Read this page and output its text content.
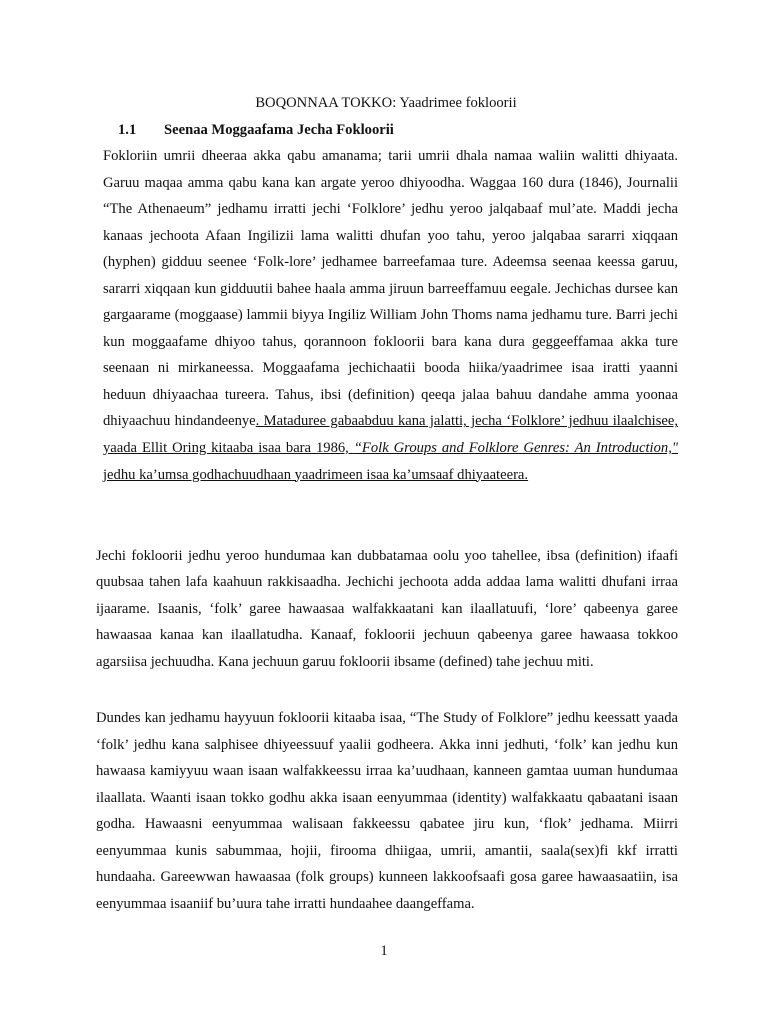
BOQONNAA TOKKO: Yaadrimee fokloorii
1.1 Seenaa Moggaafama Jecha Fokloorii

Fokloriin umrii dheeraa akka qabu amanama; tarii umrii dhala namaa waliin walitti dhiyaata. Garuu maqaa amma qabu kana kan argate yeroo dhiyoodha. Waggaa 160 dura (1846), Journalii “The Athenaeum” jedhamu irratti jechi ‘Folklore’ jedhu yeroo jalqabaaf mul’ate. Maddi jecha kanaas jechoota Afaan Ingilizii lama walitti dhufan yoo tahu, yeroo jalqabaa sararri xiqqaan (hyphen) gidduu seenee ‘Folk-lore’ jedhamee barreefamaa ture. Adeemsa seenaa keessa garuu, sararri xiqqaan kun gidduutii bahee haala amma jiruun barreeffamuu eegale. Jechichas dursee kan gargaarame (moggaase) lammii biyya Ingiliz William John Thoms nama jedhamu ture. Barri jechi kun moggaafame dhiyoo tahus, qorannoon fokloorii bara kana dura geggeeffamaa akka ture seenaan ni mirkaneessa. Moggaafama jechichaatii booda hiika/yaadrimee isaa iratti yaanni heduun dhiyaachaa tureera. Tahus, ibsi (definition) qeeqa jalaa bahuu dandahe amma yoonaa dhiyaachuu hindandeenye. Mataduree gabaabduu kana jalatti, jecha ‘Folklore’ jedhuu ilaalchisee, yaada Ellit Oring kitaaba isaa bara 1986, “Folk Groups and Folklore Genres: An Introduction," jedhu ka’umsa godhachuudhaan yaadrimeen isaa ka’umsaaf dhiyaateera.

Jechi fokloorii jedhu yeroo hundumaa kan dubbatamaa oolu yoo tahellee, ibsa (definition) ifaafi quubsaa tahen lafa kaahuun rakkisaadha. Jechichi jechoota adda addaa lama walitti dhufani irraa ijaarame. Isaanis, ‘folk’ garee hawaasaa walfakkaatani kan ilaallatuufi, ‘lore’ qabeenya garee hawaasaa kanaa kan ilaallatudha. Kanaaf, fokloorii jechuun qabeenya garee hawaasa tokkoo agarsiisa jechuudha. Kana jechuun garuu fokloorii ibsame (defined) tahe jechuu miti.

Dundes kan jedhamu hayyuun fokloorii kitaaba isaa, “The Study of Folklore” jedhu keessatt yaada ‘folk’ jedhu kana salphisee dhiyeessuuf yaalii godheera. Akka inni jedhuti, ‘folk’ kan jedhu kun hawaasa kamiyyuu waan isaan walfakkeessu irraa ka’uudhaan, kanneen gamtaa uuman hundumaa ilaallata. Waanti isaan tokko godhu akka isaan eenyummaa (identity) walfakkaatu qabaatani isaan godha. Hawaasni eenyummaa walisaan fakkeessu qabatee jiru kun, ‘flok’ jedhama. Miirri eenyummaa kunis sabummaa, hojii, firooma dhiigaa, umrii, amantii, saala(sex)fi kkf irratti hundaaha. Gareewwan hawaasaa (folk groups) kunneen lakkoofsaafi gosa garee hawaasaatiin, isa eenyummaa isaaniif bu’uura tahe irratti hundaahee daangeffama.

1
